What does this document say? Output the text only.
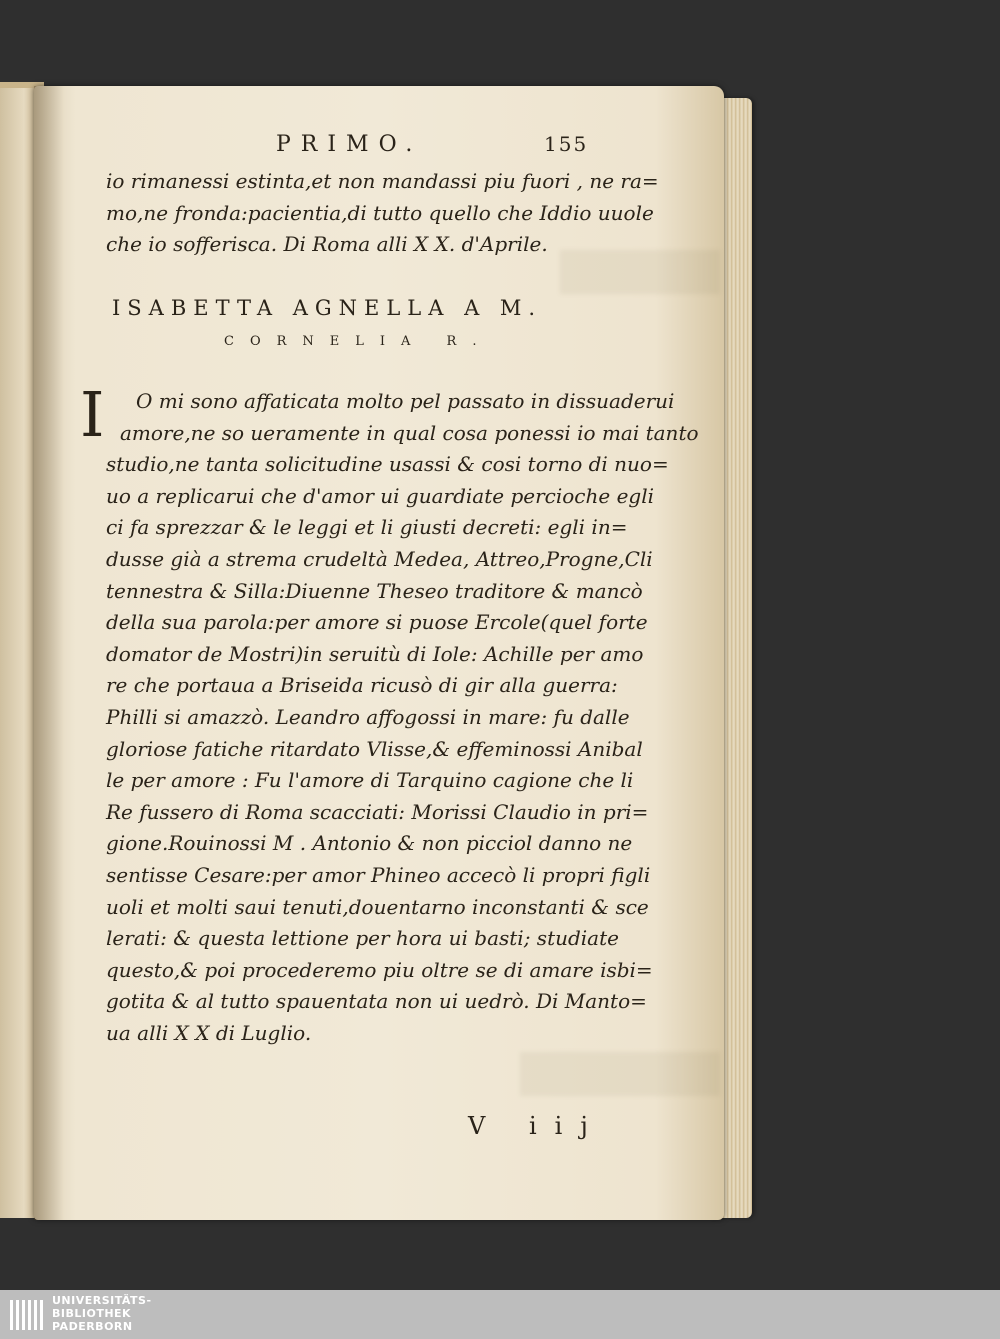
PRIMO.	155
io rimanessi estinta,et non mandassi piu fuori , ne ra=
mo,ne fronda:pacientia,di tutto quello che Iddio uuole
che io sofferisca. Di Roma alli X X. d'Aprile.
ISABETTA AGNELLA A M.
CORNELIA R.
I	O mi sono affaticata molto pel passato in dissuaderui
amore,ne so ueramente in qual cosa ponessi io mai tanto
studio,ne tanta solicitudine usassi & cosi torno di nuo=
uo a replicarui che d'amor ui guardiate percioche egli
ci fa sprezzar & le leggi et li giusti decreti: egli in=
dusse già a strema crudeltà Medea, Attreo,Progne,Cli
tennestra & Silla:Diuenne Theseo traditore & mancò
della sua parola:per amore si puose Ercole(quel forte
domator de Mostri)in seruitù di Iole: Achille per amo
re che portaua a Briseida ricusò di gir alla guerra:
Philli si amazzò. Leandro affogossi in mare: fu dalle
gloriose fatiche ritardato Vlisse,& effeminossi Anibal
le per amore : Fu l'amore di Tarquino cagione che li
Re fussero di Roma scacciati: Morissi Claudio in pri=
gione.Rouinossi M . Antonio & non picciol danno ne
sentisse Cesare:per amor Phineo accecò li propri figli
uoli et molti saui tenuti,douentarno inconstanti & sce
lerati: & questa lettione per hora ui basti; studiate
questo,& poi procederemo piu oltre se di amare isbi=
gotita & al tutto spauentata non ui uedrò. Di Manto=
ua alli X X di Luglio.
V iij
UNIVERSITÄTS-
BIBLIOTHEK
PADERBORN
